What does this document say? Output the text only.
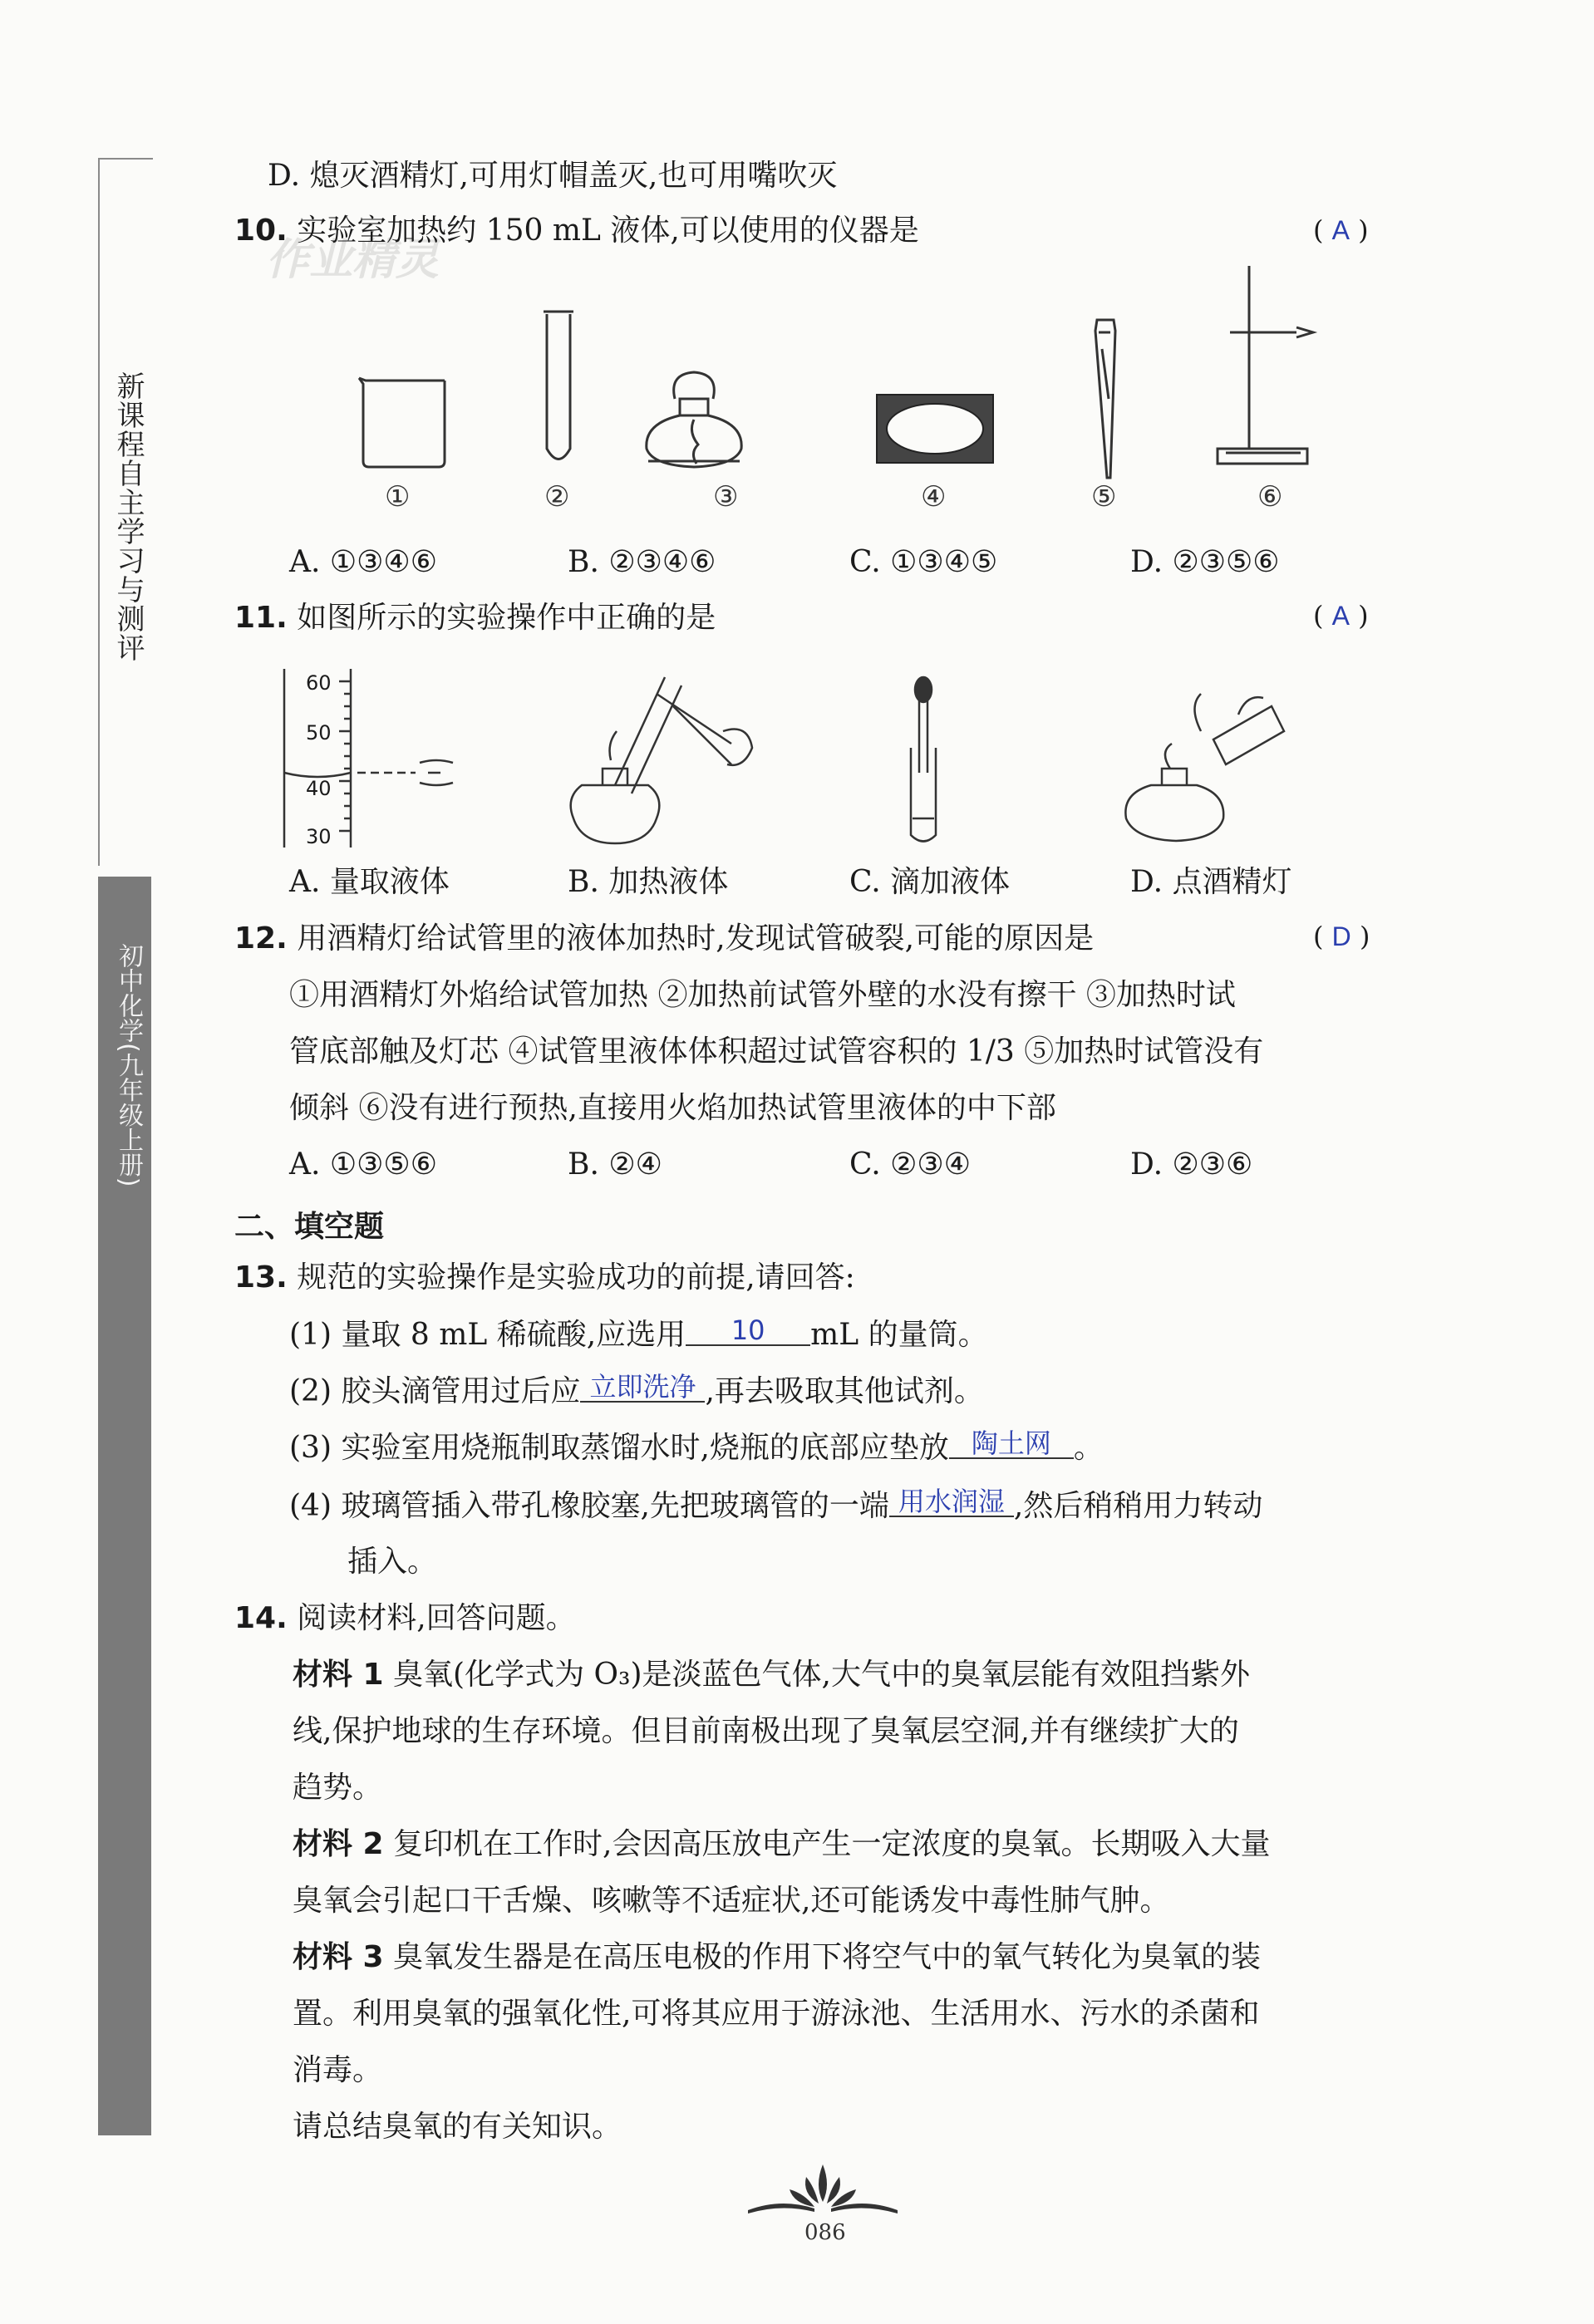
新课程自主学习与测评
初中化学(九年级上册)
作业精灵
D. 熄灭酒精灯,可用灯帽盖灭,也可用嘴吹灭
10. 实验室加热约 150 mL 液体,可以使用的仪器是	( A )
①	②	③	④	⑤	⑥
A. ①③④⑥	B. ②③④⑥	C. ①③④⑤	D. ②③⑤⑥
11. 如图所示的实验操作中正确的是	( A )
60
50
40
30
A. 量取液体	B. 加热液体	C. 滴加液体	D. 点酒精灯
12. 用酒精灯给试管里的液体加热时,发现试管破裂,可能的原因是	( D )
①用酒精灯外焰给试管加热 ②加热前试管外壁的水没有擦干 ③加热时试
管底部触及灯芯 ④试管里液体体积超过试管容积的 1/3 ⑤加热时试管没有
倾斜 ⑥没有进行预热,直接用火焰加热试管里液体的中下部
A. ①③⑤⑥	B. ②④	C. ②③④	D. ②③⑥
二、填空题
13. 规范的实验操作是实验成功的前提,请回答:
(1) 量取 8 mL 稀硫酸,应选用 10 mL 的量筒。
(2) 胶头滴管用过后应 立即洗净 ,再去吸取其他试剂。
(3) 实验室用烧瓶制取蒸馏水时,烧瓶的底部应垫放 陶土网 。
(4) 玻璃管插入带孔橡胶塞,先把玻璃管的一端 用水润湿 ,然后稍稍用力转动
插入。
14. 阅读材料,回答问题。
材料 1 臭氧(化学式为 O₃)是淡蓝色气体,大气中的臭氧层能有效阻挡紫外
线,保护地球的生存环境。但目前南极出现了臭氧层空洞,并有继续扩大的
趋势。
材料 2 复印机在工作时,会因高压放电产生一定浓度的臭氧。长期吸入大量
臭氧会引起口干舌燥、咳嗽等不适症状,还可能诱发中毒性肺气肿。
材料 3 臭氧发生器是在高压电极的作用下将空气中的氧气转化为臭氧的装
置。利用臭氧的强氧化性,可将其应用于游泳池、生活用水、污水的杀菌和
消毒。
请总结臭氧的有关知识。
086
